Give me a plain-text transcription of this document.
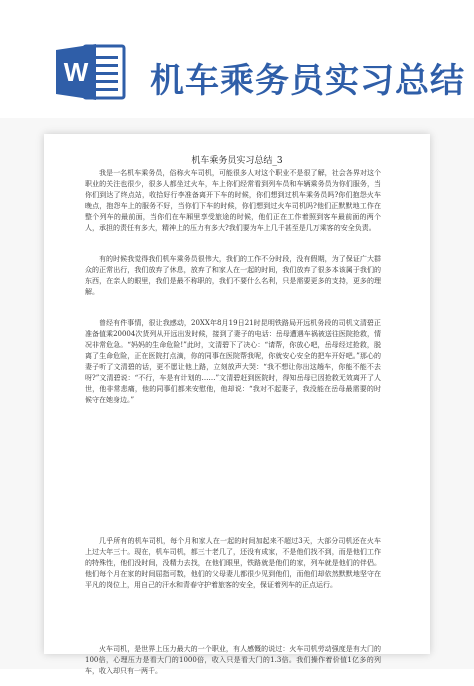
W 机车乘务员实习总结
机车乘务员实习总结_3

我是一名机车乘务员，俗称火车司机，可能很多人对这个职业不是很了解，社会各界对这个职业的关注也很少，很多人都坐过火车，车上你们经常看到列车员和车辆乘务员为你们服务，当你们到达了终点站，收拾好行李准备离开下车的时候，你们想到过机车乘务员吗?你们抱怨火车晚点，抱怨车上的服务不好，当你们下车的时候，你们想到过火车司机吗?他们正默默地工作在整个列车的最前面，当你们在车厢里享受旅途的时候，他们正在工作着照到客车最前面的两个人，承担的责任有多大，精神上的压力有多大?我们要为车上几千甚至是几万乘客的安全负责。

有的时候我觉得我们机车乘务员很伟大，我们的工作不分时段，没有假期，为了保证广大群众的正常出行，我们放弃了休息，放弃了和家人在一起的时间，我们放弃了很多本该属于我们的东西，在亲人的眼里，我们是最不称职的，我们不要什么名利，只是需要更多的支持，更多的理解。

曾经有件事情，很让我感动，20XX年8月19日21时昆明铁路局开远机务段的司机文清碧正准备值乘20004次货列从开远出发时候，接到了妻子的电话：岳母遭遇车祸被送往医院抢救，情况非常危急。“妈妈的生命危险!”此时，文清碧下了决心：“请帮，你放心吧，岳母经过抢救，脱离了生命危险，正在医院打点滴，你的同事在医院帮我呢，你就安心安全的把车开好吧。”那心的妻子听了文清碧的话，更不愿让他上路，立刻放声大哭：“我不想让你出这趟车，你能不能不去呀?”文清碧说：“不行，车是有计划的……”文清碧赶到医院时，得知岳母已因抢救无效离开了人世，他非常悲痛，他的同事们都来安慰他，他却说：“我对不起妻子，我没能在岳母最需要的时候守在她身边。”

几乎所有的机车司机，每个月和家人在一起的时间加起来不超过3天，大部分司机还在火车上过大年三十。现在，机车司机，都三十老几了，还没有成家，不是他们找不到，而是他们工作的特殊性，他们没时间，没精力去找，在他们眼里，铁路就是他们的家，列车就是他们的伴侣。他们每个月在家的时间屈指可数，他们的父母妻儿都很少见到他们，而他们却依然默默地坚守在平凡的岗位上，用自己的汗水和青春守护着旅客的安全，保证着列车的正点运行。

火车司机，是世界上压力最大的一个职业，有人感慨的说过：火车司机劳动强度是有大门的100倍，心理压力是看大门的1000倍，收入只是看大门的1.3倍。我们操作着价值1亿多的列车，收入却只有一两千。
